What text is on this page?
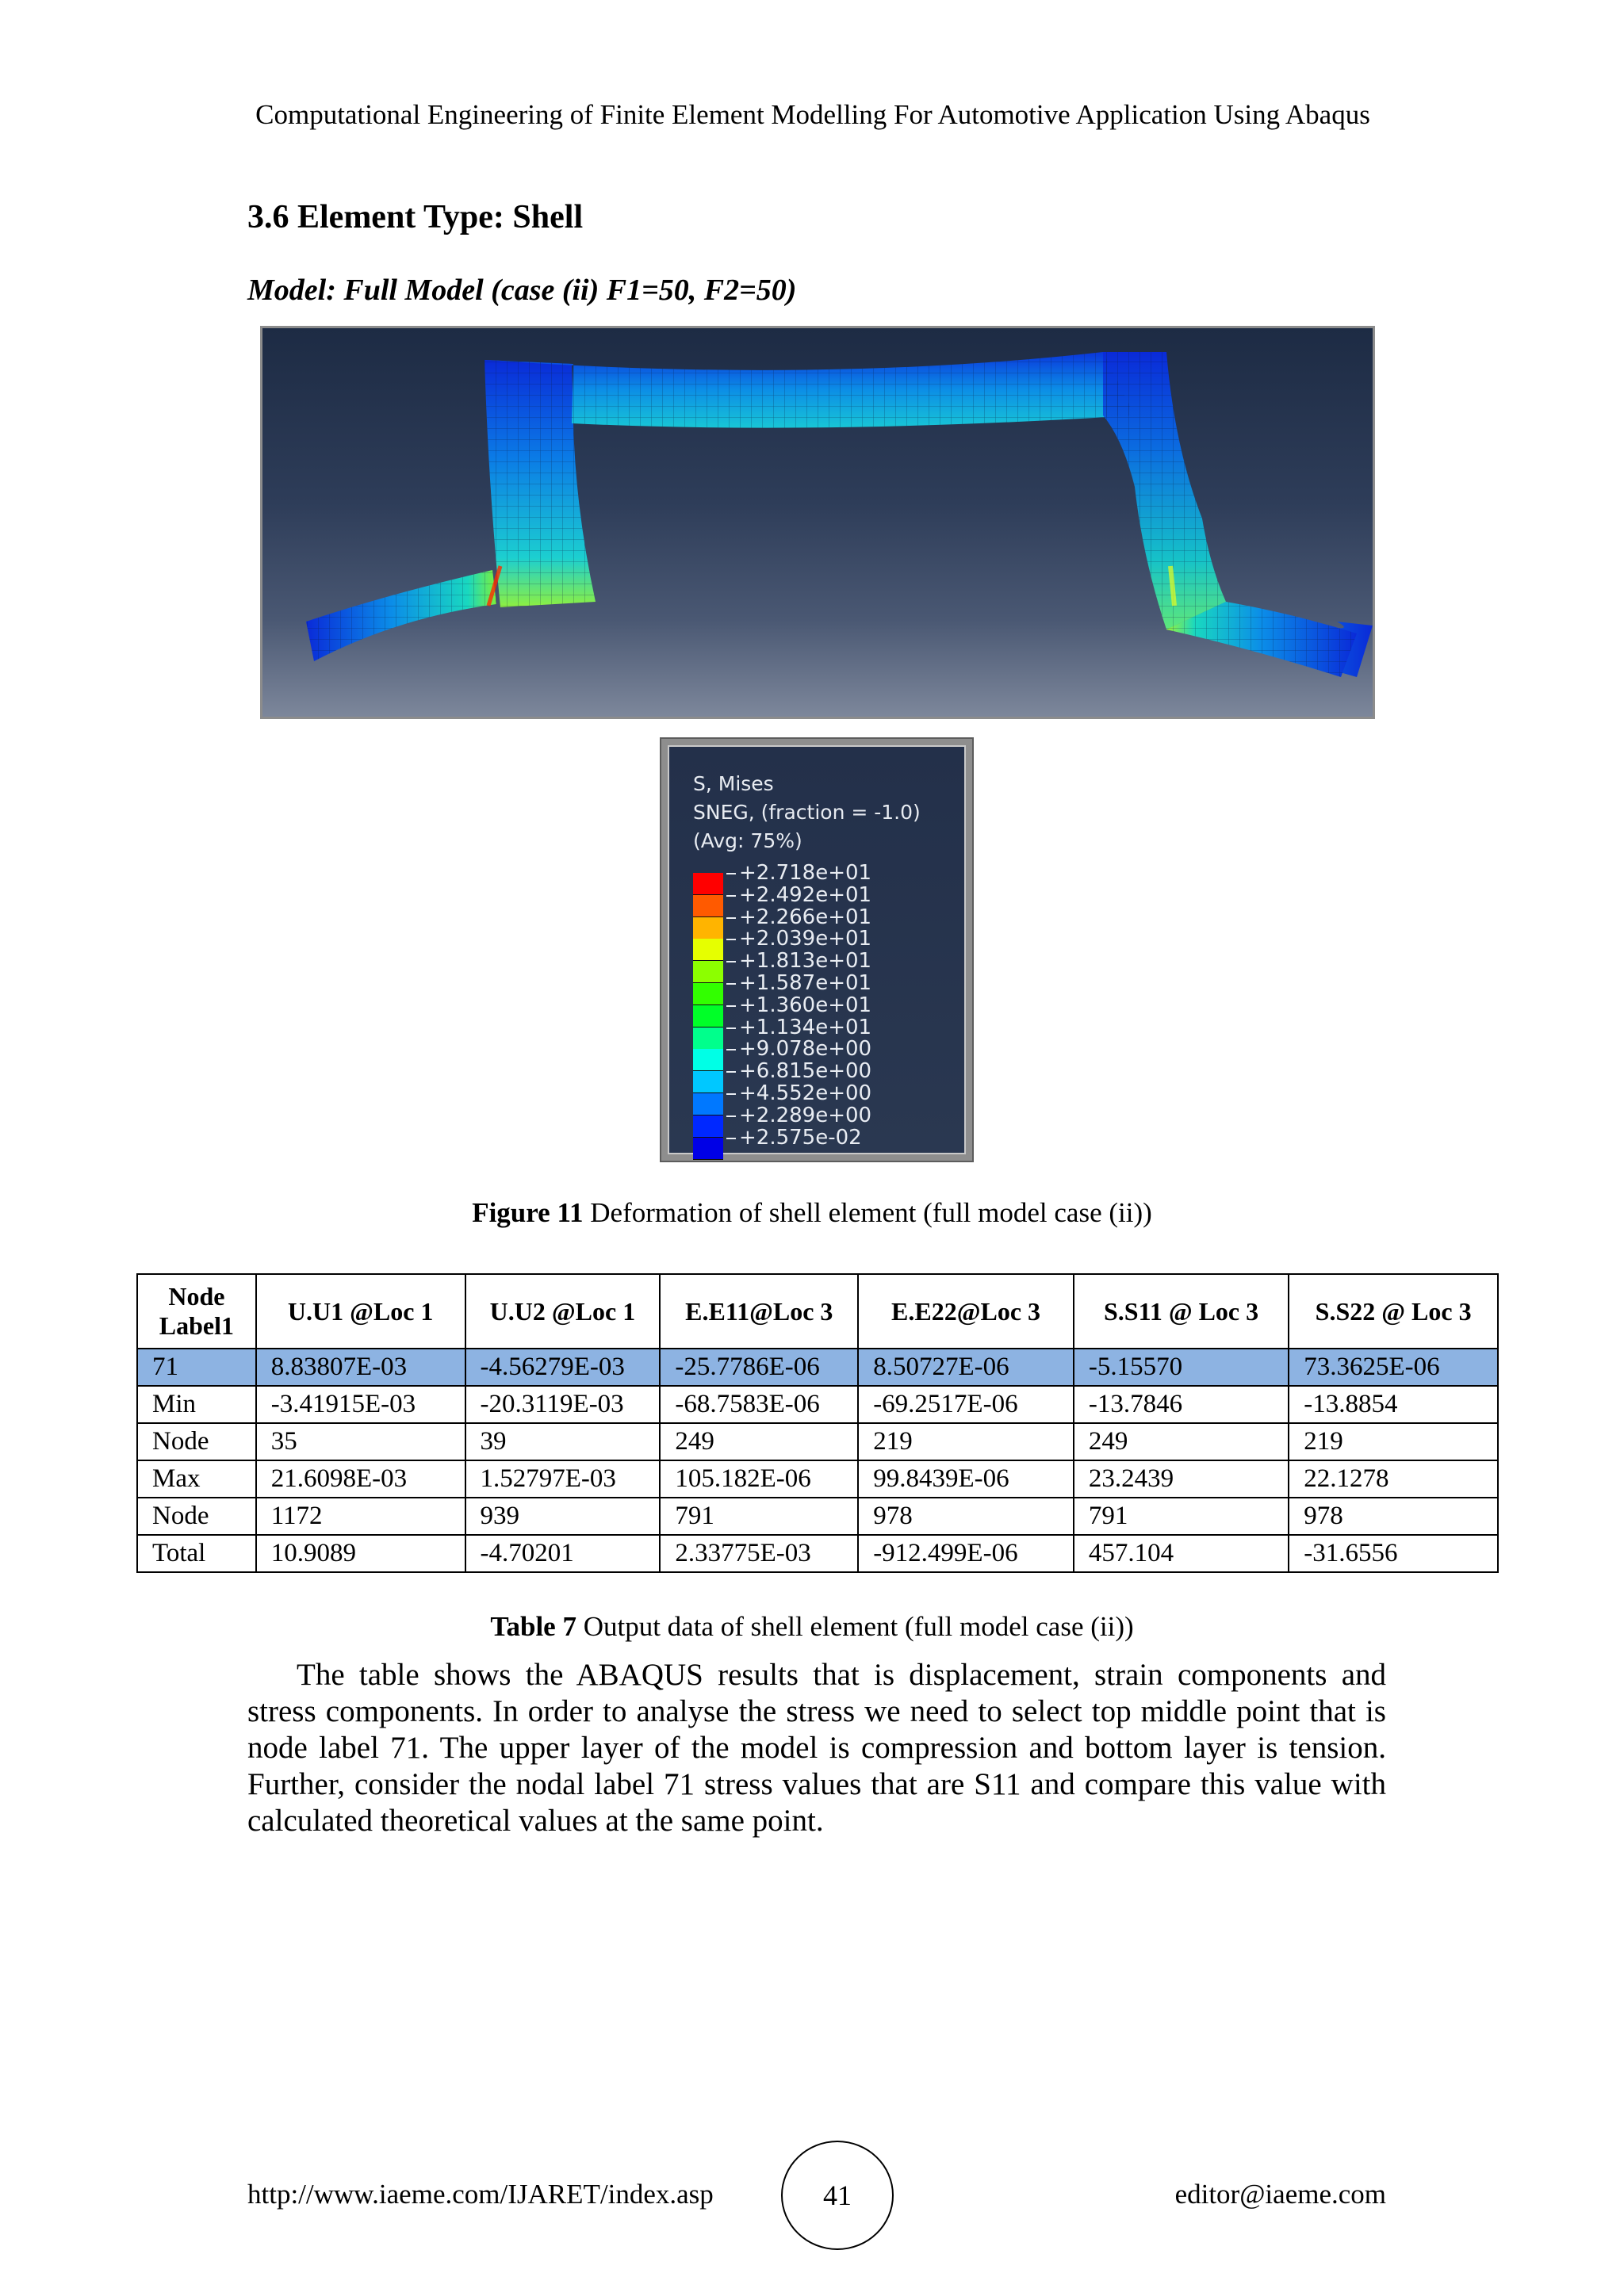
Computational Engineering of Finite Element Modelling For Automotive Application Using Abaqus
3.6 Element Type: Shell
Model: Full Model (case (ii) F1=50, F2=50)
S, Mises
SNEG, (fraction = -1.0)
(Avg: 75%)
+2.718e+01
+2.492e+01
+2.266e+01
+2.039e+01
+1.813e+01
+1.587e+01
+1.360e+01
+1.134e+01
+9.078e+00
+6.815e+00
+4.552e+00
+2.289e+00
+2.575e-02
Figure 11 Deformation of shell element (full model case (ii))
Node Label1	U.U1 @Loc 1	U.U2 @Loc 1	E.E11@Loc 3	E.E22@Loc 3	S.S11 @ Loc 3	S.S22 @ Loc 3
71	8.83807E-03	-4.56279E-03	-25.7786E-06	8.50727E-06	-5.15570	73.3625E-06
Min	-3.41915E-03	-20.3119E-03	-68.7583E-06	-69.2517E-06	-13.7846	-13.8854
Node	35	39	249	219	249	219
Max	21.6098E-03	1.52797E-03	105.182E-06	99.8439E-06	23.2439	22.1278
Node	1172	939	791	978	791	978
Total	10.9089	-4.70201	2.33775E-03	-912.499E-06	457.104	-31.6556
Table 7 Output data of shell element (full model case (ii))

The table shows the ABAQUS results that is displacement, strain components and stress components. In order to analyse the stress we need to select top middle point that is node label 71. The upper layer of the model is compression and bottom layer is tension. Further, consider the nodal label 71 stress values that are S11 and compare this value with calculated theoretical values at the same point.

http://www.iaeme.com/IJARET/index.asp	41	editor@iaeme.com
